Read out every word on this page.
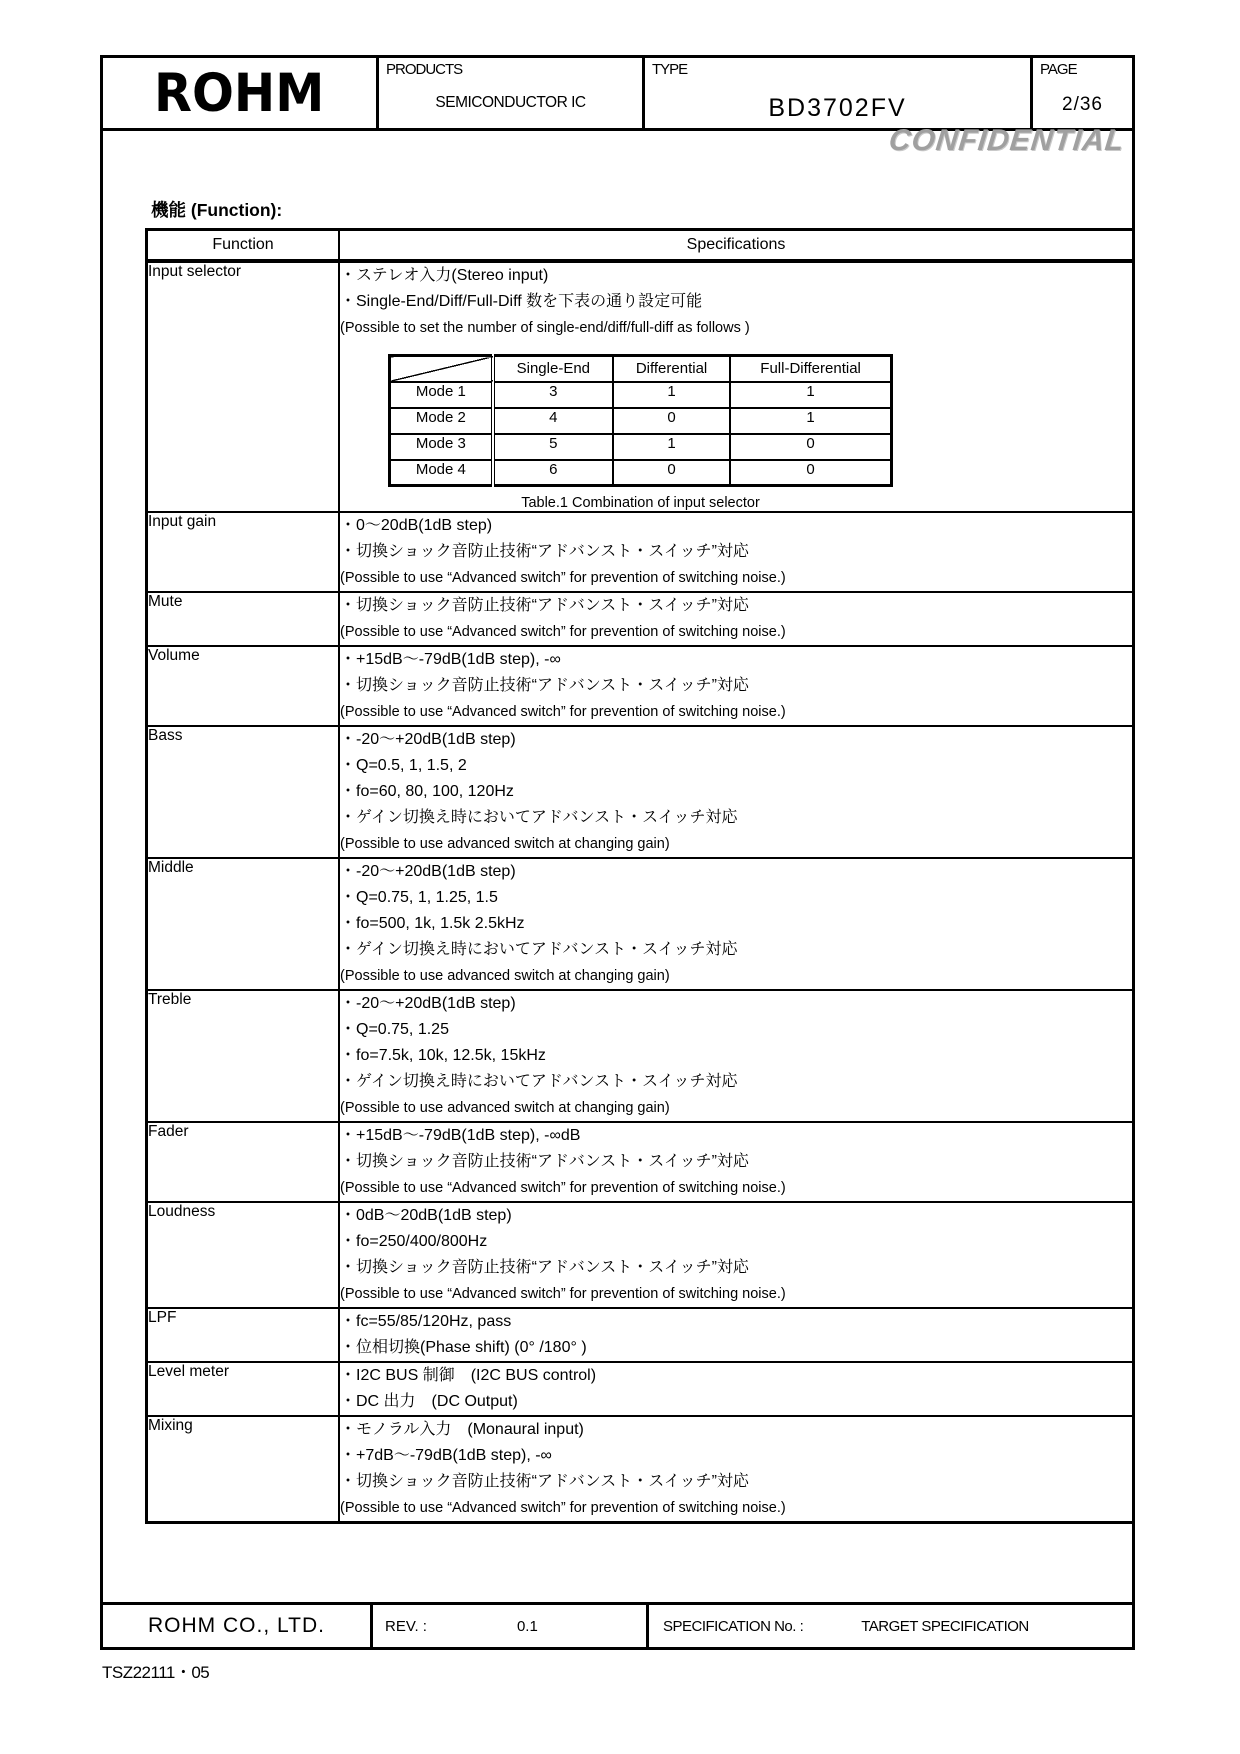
ROHM	PRODUCTS
SEMICONDUCTOR IC
TYPE
BD3702FV
PAGE
2/36
CONFIDENTIAL
機能 (Function):
Function	Specifications
Input selector	・ステレオ入力(Stereo input)
・Single-End/Diff/Full-Diff 数を下表の通り設定可能
(Possible to set the number of single-end/diff/full-diff as follows )
	Single-End	Differential	Full-Differential
Mode 1	3	1	1
Mode 2	4	0	1
Mode 3	5	1	0
Mode 4	6	0	0
Table.1 Combination of input selector

Input gain	・0～20dB(1dB step)
・切換ショック音防止技術“アドバンスト・スイッチ”対応
(Possible to use “Advanced switch” for prevention of switching noise.)

Mute	・切換ショック音防止技術“アドバンスト・スイッチ”対応
(Possible to use “Advanced switch” for prevention of switching noise.)

Volume	・+15dB～-79dB(1dB step), -∞
・切換ショック音防止技術“アドバンスト・スイッチ”対応
(Possible to use “Advanced switch” for prevention of switching noise.)

Bass	・-20～+20dB(1dB step)
・Q=0.5, 1, 1.5, 2
・fo=60, 80, 100, 120Hz
・ゲイン切換え時においてアドバンスト・スイッチ対応
(Possible to use advanced switch at changing gain)

Middle	・-20～+20dB(1dB step)
・Q=0.75, 1, 1.25, 1.5
・fo=500, 1k, 1.5k 2.5kHz
・ゲイン切換え時においてアドバンスト・スイッチ対応
(Possible to use advanced switch at changing gain)

Treble	・-20～+20dB(1dB step)
・Q=0.75, 1.25
・fo=7.5k, 10k, 12.5k, 15kHz
・ゲイン切換え時においてアドバンスト・スイッチ対応
(Possible to use advanced switch at changing gain)

Fader	・+15dB～-79dB(1dB step), -∞dB
・切換ショック音防止技術“アドバンスト・スイッチ”対応
(Possible to use “Advanced switch” for prevention of switching noise.)

Loudness	・0dB～20dB(1dB step)
・fo=250/400/800Hz
・切換ショック音防止技術“アドバンスト・スイッチ”対応
(Possible to use “Advanced switch” for prevention of switching noise.)

LPF	・fc=55/85/120Hz, pass
・位相切換(Phase shift) (0° /180° )

Level meter	・I2C BUS 制御　(I2C BUS control)
・DC 出力　(DC Output)

Mixing	・モノラル入力　(Monaural input)
・+7dB～-79dB(1dB step), -∞
・切換ショック音防止技術“アドバンスト・スイッチ”対応
(Possible to use “Advanced switch” for prevention of switching noise.)
ROHM CO., LTD.	REV. :	0.1	SPECIFICATION No. :	TARGET SPECIFICATION
TSZ22111・05
